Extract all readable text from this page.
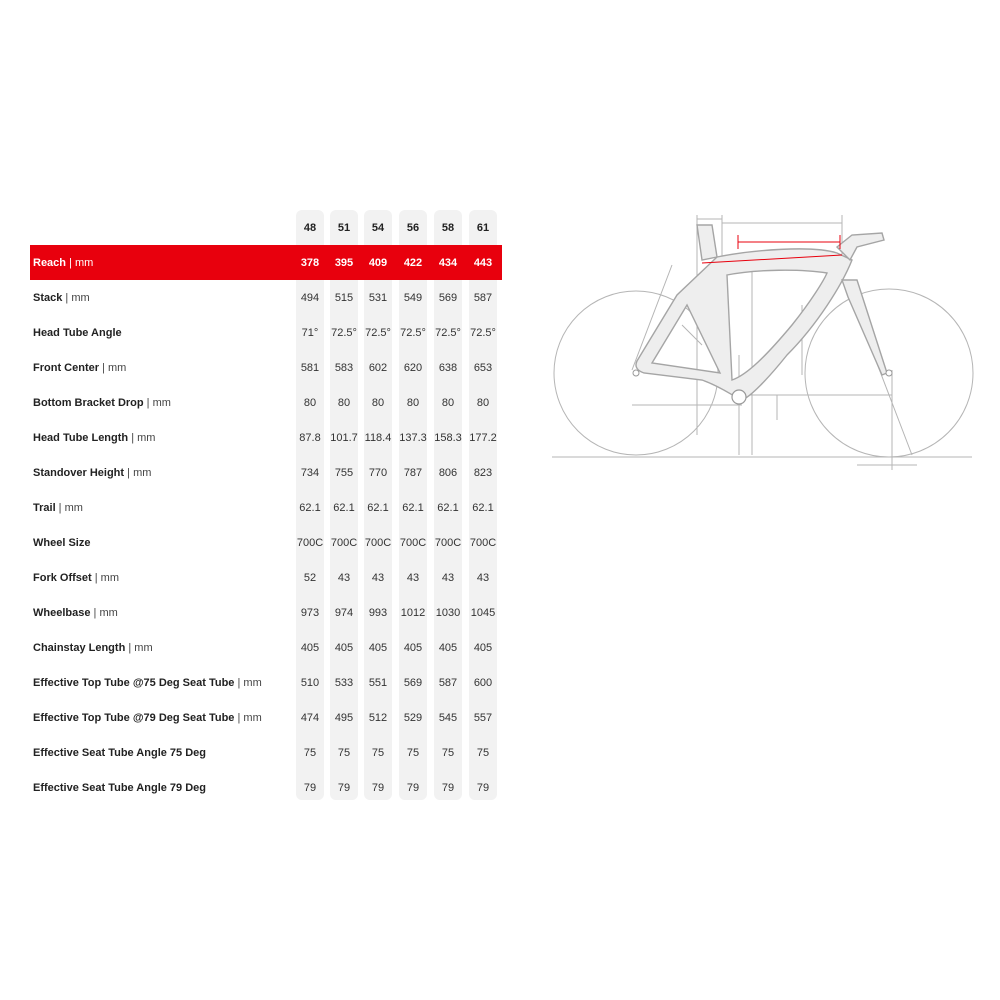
48	51	54	56	58	61
Reach | mm	378	395	409	422	434	443
Stack | mm	494	515	531	549	569	587
Head Tube Angle	71°	72.5° 72.5° 72.5° 72.5° 72.5°
Front Center | mm	581	583	602	620	638	653
Bottom Bracket Drop | mm	80	80	80	80	80	80
Head Tube Length | mm	87.8 101.7 118.4 137.3 158.3 177.2
Standover Height | mm	734	755	770	787	806	823
Trail | mm	62.1	62.1	62.1	62.1	62.1	62.1
Wheel Size	700C 700C 700C 700C 700C 700C
Fork Offset | mm	52	43	43	43	43	43
Wheelbase | mm	973	974	993	1012 1030 1045
Chainstay Length | mm	405	405	405	405	405	405
Effective Top Tube @75 Deg Seat Tube | mm	510	533	551	569	587	600
Effective Top Tube @79 Deg Seat Tube | mm	474	495	512	529	545	557
Effective Seat Tube Angle 75 Deg	75	75	75	75	75	75
Effective Seat Tube Angle 79 Deg	79	79	79	79	79	79
